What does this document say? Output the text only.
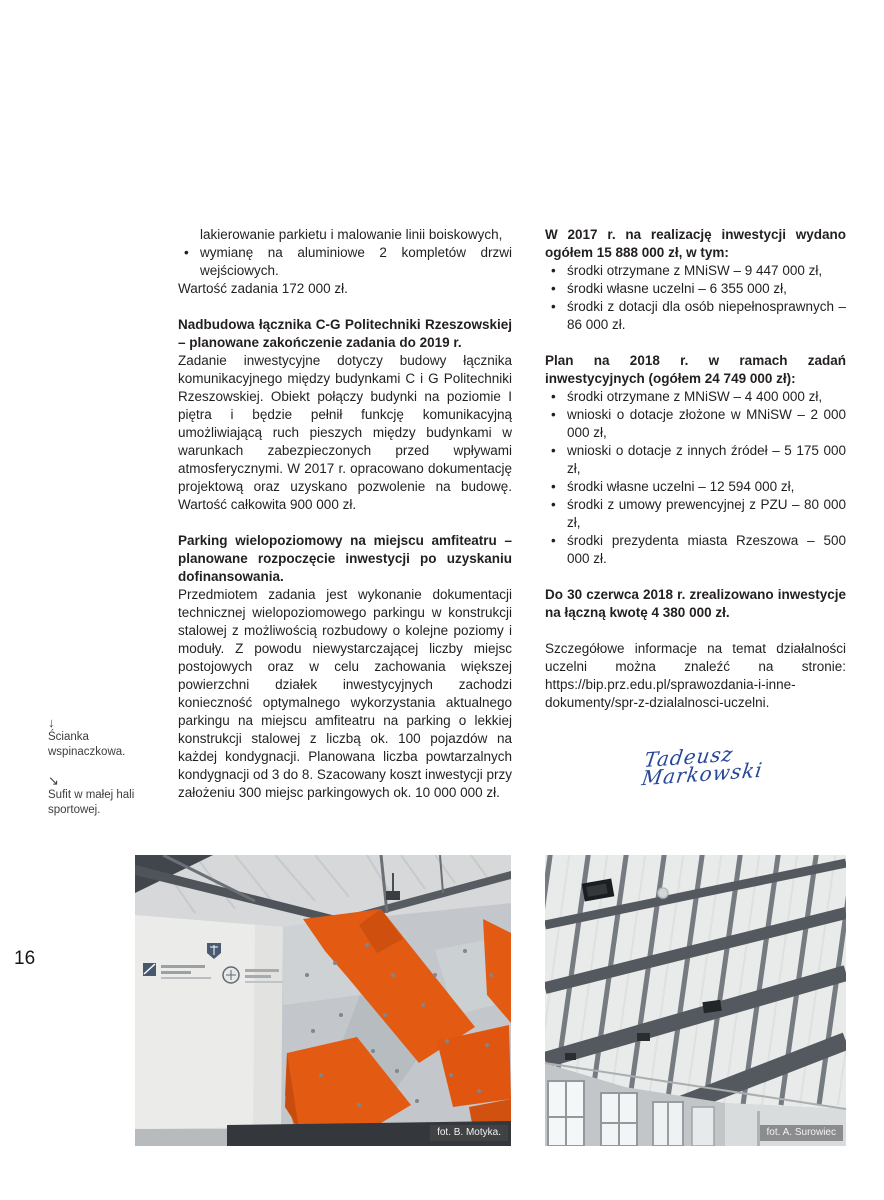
lakierowanie parkietu i malowanie linii boiskowych,
• wymianę na aluminiowe 2 kompletów drzwi wejściowych.

Wartość zadania 172 000 zł.

Nadbudowa łącznika C-G Politechniki Rzeszowskiej – planowane zakończenie zadania do 2019 r.

Zadanie inwestycyjne dotyczy budowy łącznika komunikacyjnego między budynkami C i G Politechniki Rzeszowskiej. Obiekt połączy budynki na poziomie I piętra i będzie pełnił funkcję komunikacyjną umożliwiającą ruch pieszych między budynkami w warunkach zabezpieczonych przed wpływami atmosferycznymi. W 2017 r. opracowano dokumentację projektową oraz uzyskano pozwolenie na budowę. Wartość całkowita 900 000 zł.

Parking wielopoziomowy na miejscu amfiteatru – planowane rozpoczęcie inwestycji po uzyskaniu dofinansowania.

Przedmiotem zadania jest wykonanie dokumentacji technicznej wielopoziomowego parkingu w konstrukcji stalowej z możliwością rozbudowy o kolejne poziomy i moduły. Z powodu niewystarczającej liczby miejsc postojowych oraz w celu zachowania większej powierzchni działek inwestycyjnych zachodzi konieczność optymalnego wykorzystania aktualnego parkingu na miejscu amfiteatru na parking o lekkiej konstrukcji stalowej z liczbą ok. 100 pojazdów na każdej kondygnacji. Planowana liczba powtarzalnych kondygnacji od 3 do 8. Szacowany koszt inwestycji przy założeniu 300 miejsc parkingowych ok. 10 000 000 zł.

W 2017 r. na realizację inwestycji wydano ogółem 15 888 000 zł, w tym:
• środki otrzymane z MNiSW – 9 447 000 zł,
• środki własne uczelni – 6 355 000 zł,
• środki z dotacji dla osób niepełnosprawnych – 86 000 zł.
Plan na 2018 r. w ramach zadań inwestycyjnych (ogółem 24 749 000 zł):
• środki otrzymane z MNiSW – 4 400 000 zł,
• wnioski o dotacje złożone w MNiSW – 2 000 000 zł,
• wnioski o dotacje z innych źródeł – 5 175 000 zł,
• środki własne uczelni – 12 594 000 zł,
• środki z umowy prewencyjnej z PZU – 80 000 zł,
• środki prezydenta miasta Rzeszowa – 500 000 zł.

Do 30 czerwca 2018 r. zrealizowano inwestycje na łączną kwotę 4 380 000 zł.

Szczegółowe informacje na temat działalności uczelni można znaleźć na stronie: https://bip.prz.edu.pl/sprawozdania-i-inne-dokumenty/spr-z-dzialalnosci-uczelni.

Tadeusz Markowski
↓
Ścianka wspinaczkowa.
↘
Sufit w małej hali sportowej.
16
fot. B. Motyka.	fot. A. Surowiec
